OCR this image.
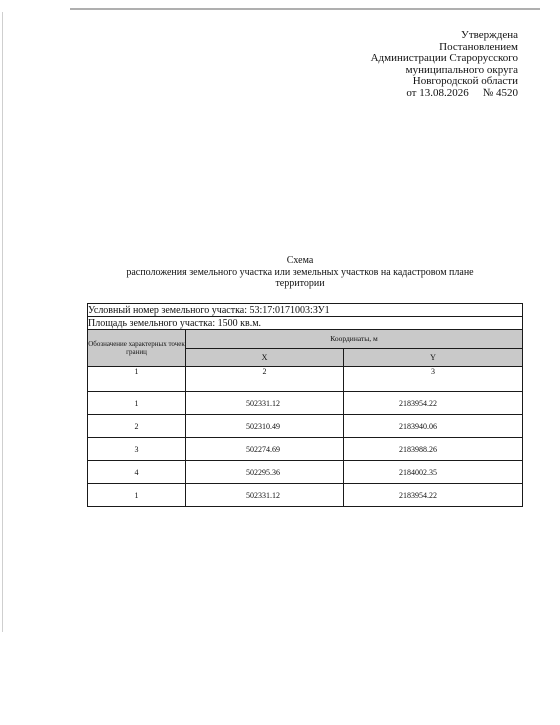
Утверждена
Постановлением
Администрации Старорусского
муниципального округа
Новгородской области
от 13.08.2026 № 4520
Схема
расположения земельного участка или земельных участков на кадастровом плане
территории
Условный номер земельного участка: 53:17:0171003:ЗУ1		
Площадь земельного участка: 1500 кв.м.		
Обозначение характерных точек границ	Координаты, м	
	X	Y
1	2	3
1	502331.12	2183954.22
2	502310.49	2183940.06
3	502274.69	2183988.26
4	502295.36	2184002.35
1	502331.12	2183954.22
